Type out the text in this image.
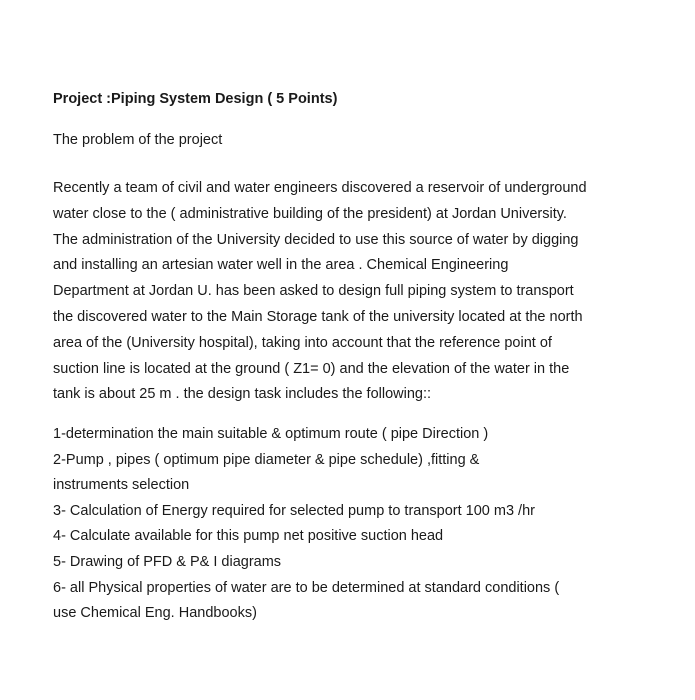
Project :Piping System Design ( 5 Points)
The problem of the project
Recently a team of civil and water engineers discovered a reservoir of underground
water close to the ( administrative building of the president) at Jordan University.
The administration of the University decided to use this source of water by digging
and installing an artesian water well in the area . Chemical Engineering
Department at Jordan U. has been asked to design full piping system to transport
the discovered water to the Main Storage tank of the university located at the north
area of the (University hospital), taking into account that the reference point of
suction line is located at the ground ( Z1= 0) and the elevation of the water in the
tank is about 25 m . the design task includes the following::
1-determination the main suitable & optimum route ( pipe Direction )
2-Pump , pipes ( optimum pipe diameter & pipe schedule) ,fitting &
instruments selection
3- Calculation of Energy required for selected pump to transport 100 m3 /hr
4- Calculate available for this pump net positive suction head
5- Drawing of PFD & P& I diagrams
6- all Physical properties of water are to be determined at standard conditions (
use Chemical Eng. Handbooks)
